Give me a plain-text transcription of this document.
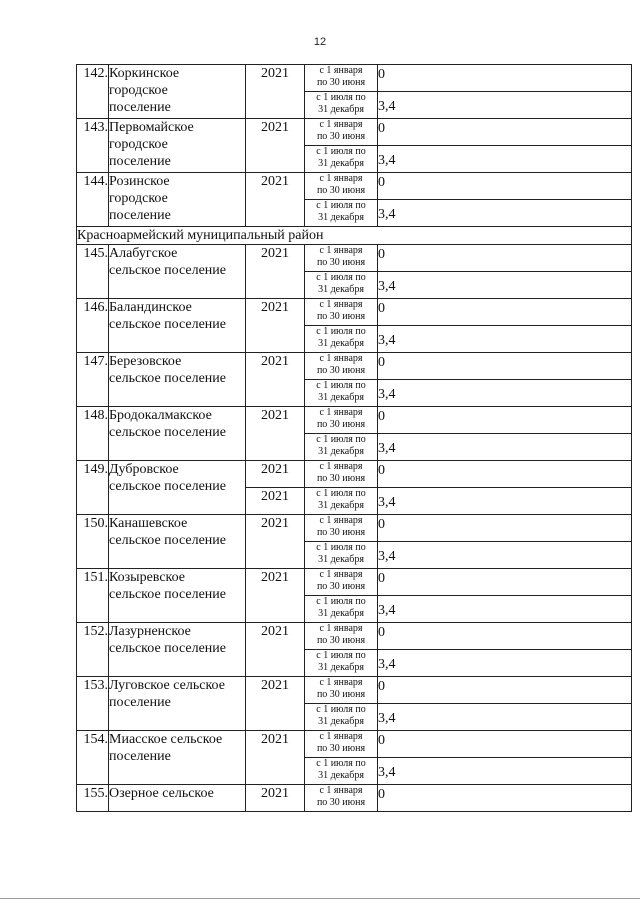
12
142.	Коркинское
городское
поселение	2021	с 1 января
по 30 июня	0

			с 1 июля по
31 декабря	3,4
143.	Первомайское
городское
поселение	2021	с 1 января
по 30 июня	0

			с 1 июля по
31 декабря	3,4
144.	Розинское
городское
поселение	2021	с 1 января
по 30 июня	0

			с 1 июля по
31 декабря	3,4
Красноармейский муниципальный район				
145.	Алабугское
сельское поселение	2021	с 1 января
по 30 июня	0

			с 1 июля по
31 декабря	3,4
146.	Баландинское
сельское поселение	2021	с 1 января
по 30 июня	0

			с 1 июля по
31 декабря	3,4
147.	Березовское
сельское поселение	2021	с 1 января
по 30 июня	0

			с 1 июля по
31 декабря	3,4
148.	Бродокалмакское
сельское поселение	2021	с 1 января
по 30 июня	0

			с 1 июля по
31 декабря	3,4
149.	Дубровское
сельское поселение	2021	с 1 января
по 30 июня	0
		2021	с 1 июля по
31 декабря	3,4
150.	Канашевское
сельское поселение	2021	с 1 января
по 30 июня	0

			с 1 июля по
31 декабря	3,4
151.	Козыревское
сельское поселение	2021	с 1 января
по 30 июня	0

			с 1 июля по
31 декабря	3,4
152.	Лазурненское
сельское поселение	2021	с 1 января
по 30 июня	0

			с 1 июля по
31 декабря	3,4
153.	Луговское сельское
поселение	2021	с 1 января
по 30 июня	0

			с 1 июля по
31 декабря	3,4
154.	Миасское сельское
поселение	2021	с 1 января
по 30 июня	0

			с 1 июля по
31 декабря	3,4
155.	Озерное сельское	2021	с 1 января
по 30 июня	0
